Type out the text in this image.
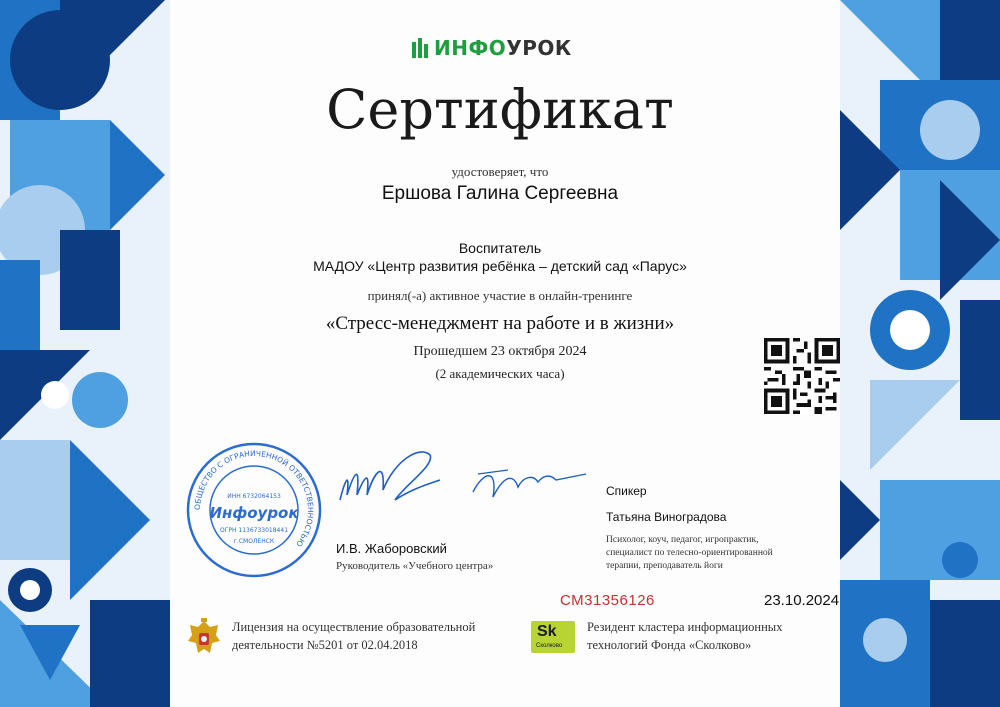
ИНФОУРОК
Сертификат
удостоверяет, что
Ершова Галина Сергеевна
Воспитатель
МАДОУ «Центр развития ребёнка – детский сад «Парус»
принял(-а) активное участие в онлайн-тренинге
«Стресс-менеджмент на работе и в жизни»
Прошедшем 23 октября 2024
(2 академических часа)
ОБЩЕСТВО С ОГРАНИЧЕННОЙ ОТВЕТСТВЕННОСТЬЮ
ИНН 6732064153
Инфоурок
ОГРН 1136733018441
г.СМОЛЕНСК	И.В. Жаборовский
Руководитель «Учебного центра»
Спикер
Татьяна Виноградова
Психолог, коуч, педагог, игропрактик, специалист по телесно-ориентированной терапии, преподаватель йоги
СМ31356126	23.10.2024
Лицензия на осуществление образовательной деятельности №5201 от 02.04.2018
Sk
Сколково
Резидент кластера информационных технологий Фонда «Сколково»
